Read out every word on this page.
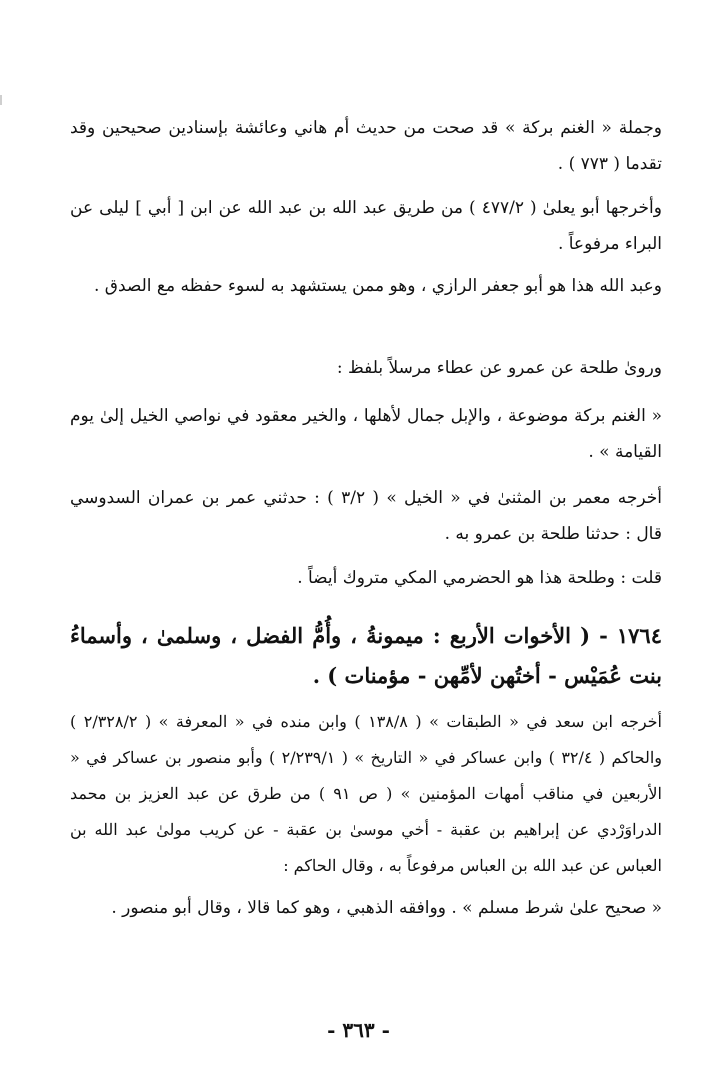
وجملة « الغنم بركة » قد صحت من حديث أم هاني وعائشة بإسنادين صحيحين وقد تقدما ( ٧٧٣ ) .
وأخرجها أبو يعلىٰ ( ٤٧٧/٢ ) من طريق عبد الله بن عبد الله عن ابن [ أبي ] ليلى عن البراء مرفوعاً .
وعبد الله هذا هو أبو جعفر الرازي ، وهو ممن يستشهد به لسوء حفظه مع الصدق .
ورویٰ طلحة عن عمرو عن عطاء مرسلاً بلفظ :
« الغنم بركة موضوعة ، والإبل جمال لأهلها ، والخير معقود في نواصي الخيل إلىٰ يوم القيامة » .
أخرجه معمر بن المثنىٰ في « الخيل » ( ٣/٢ ) : حدثني عمر بن عمران السدوسي قال : حدثنا طلحة بن عمرو به .
قلت : وطلحة هذا هو الحضرمي المكي متروك أيضاً .
١٧٦٤ - ( الأخوات الأربع : ميمونةُ ، وأُمُّ الفضل ، وسلمىٰ ، وأسماءُ بنت عُمَيْس - أختُهن لأمِّهن - مؤمنات ) .
أخرجه ابن سعد في « الطبقات » ( ١٣٨/٨ ) وابن منده في « المعرفة » ( ٢/٣٢٨/٢ ) والحاكم ( ٣٢/٤ ) وابن عساكر في « التاريخ » ( ٢/٢٣٩/١ ) وأبو منصور بن عساكر في « الأربعين في مناقب أمهات المؤمنين » ( ص ٩١ ) من طرق عن عبد العزيز بن محمد الدراوَرْدي عن إبراهيم بن عقبة - أخي موسىٰ بن عقبة - عن كريب مولىٰ عبد الله بن العباس عن عبد الله بن العباس مرفوعاً به ، وقال الحاكم :
« صحيح علىٰ شرط مسلم » . ووافقه الذهبي ، وهو كما قالا ، وقال أبو منصور .
- ٣٦٣ -
